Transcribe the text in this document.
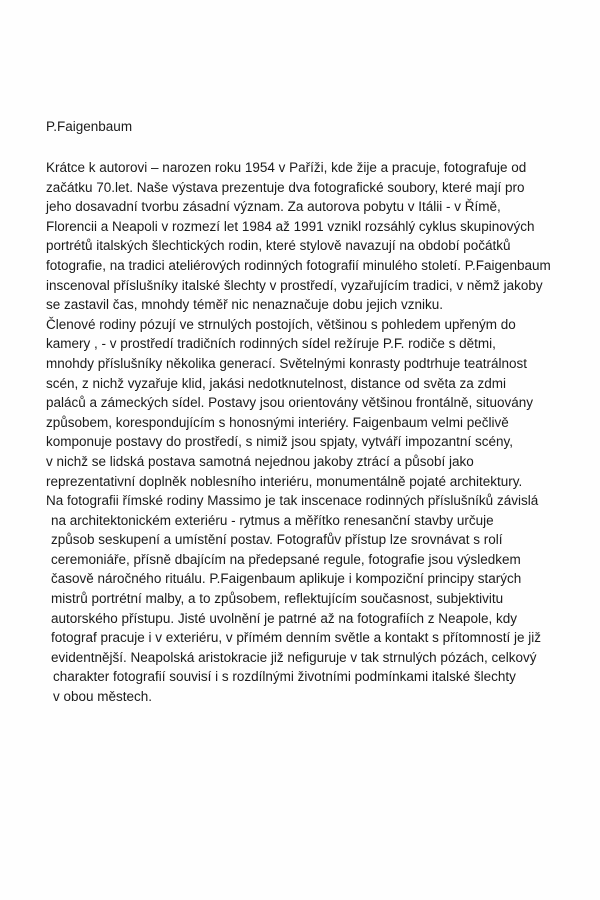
P.Faigenbaum

Krátce k autorovi – narozen roku 1954 v Paříži, kde žije a pracuje, fotografuje od

začátku 70.let. Naše výstava prezentuje dva fotografické soubory, které mají pro

jeho dosavadní tvorbu zásadní význam. Za autorova pobytu v Itálii - v Římě,

Florencii a Neapoli v rozmezí let 1984 až 1991 vznikl rozsáhlý cyklus skupinových

portrétů italských šlechtických rodin, které stylově navazují na období počátků

fotografie, na tradici ateliérových rodinných fotografií minulého století. P.Faigenbaum

inscenoval příslušníky italské šlechty v prostředí, vyzařujícím tradici, v němž jakoby

se zastavil čas, mnohdy téměř nic nenaznačuje dobu jejich vzniku.

Členové rodiny pózují ve strnulých postojích, většinou s pohledem upřeným do

kamery , - v prostředí tradičních rodinných sídel režíruje P.F. rodiče s dětmi,

mnohdy příslušníky několika generací. Světelnými konrasty podtrhuje teatrálnost

scén, z nichž vyzařuje klid, jakási nedotknutelnost, distance od světa za zdmi

paláců a zámeckých sídel. Postavy jsou orientovány většinou frontálně, situovány

způsobem, korespondujícím s honosnými interiéry. Faigenbaum velmi pečlivě

komponuje postavy do prostředí, s nimiž jsou spjaty, vytváří impozantní scény,

v nichž se lidská postava samotná nejednou jakoby ztrácí a působí jako

reprezentativní doplněk noblesního interiéru, monumentálně pojaté architektury.

Na fotografii římské rodiny Massimo je tak inscenace rodinných příslušníků závislá

na architektonickém exteriéru - rytmus a měřítko renesanční stavby určuje

způsob seskupení a umístění postav. Fotografův přístup lze srovnávat s rolí

ceremoniáře, přísně dbajícím na předepsané regule, fotografie jsou výsledkem

časově náročného rituálu. P.Faigenbaum aplikuje i kompoziční principy starých

mistrů portrétní malby, a to způsobem, reflektujícím současnost, subjektivitu

autorského přístupu. Jisté uvolnění je patrné až na fotografiích z Neapole, kdy

fotograf pracuje i v exteriéru, v přímém denním světle a kontakt s přítomností je již

evidentnější. Neapolská aristokracie již nefiguruje v tak strnulých pózách, celkový

charakter fotografií souvisí i s rozdílnými životními podmínkami italské šlechty

v obou městech.
